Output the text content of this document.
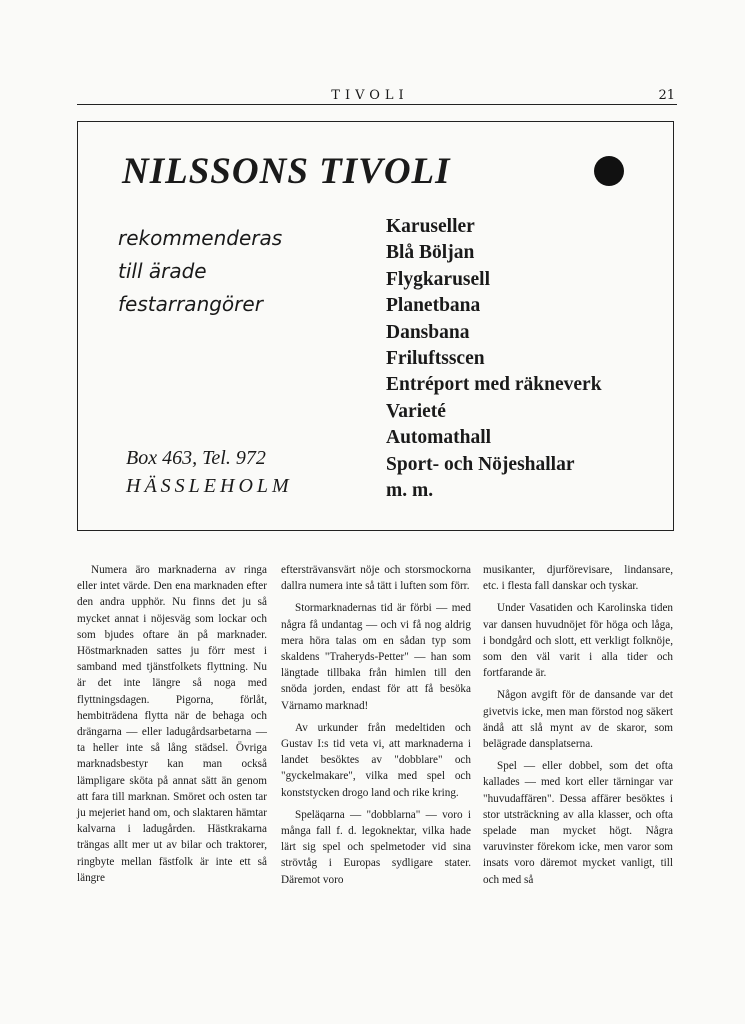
TIVOLI	21
NILSSONS TIVOLI
rekommenderas
till ärade
festarrangörer
Box 463, Tel. 972
HÄSSLEHOLM
Karuseller
Blå Böljan
Flygkarusell
Planetbana
Dansbana
Friluftsscen
Entréport med räkneverk
Varieté
Automathall
Sport- och Nöjeshallar
m. m.

Numera äro marknaderna av ringa eller intet värde. Den ena marknaden efter den andra upphör. Nu finns det ju så mycket annat i nöjesväg som lockar och som bjudes oftare än på marknader. Höstmarknaden sattes ju förr mest i samband med tjänstfolkets flyttning. Nu är det inte längre så noga med flyttningsdagen. Pigorna, förlåt, hembiträdena flytta när de behaga och drängarna — eller ladugårdsarbetarna — ta heller inte så lång städsel. Övriga marknadsbestyr kan man också lämpligare sköta på annat sätt än genom att fara till marknan. Smöret och osten tar ju mejeriet hand om, och slaktaren hämtar kalvarna i ladugården. Hästkrakarna trängas allt mer ut av bilar och traktorer, ringbyte mellan fästfolk är inte ett så längre

eftersträvansvärt nöje och storsmockorna dallra numera inte så tätt i luften som förr.

Stormarknadernas tid är förbi — med några få undantag — och vi få nog aldrig mera höra talas om en sådan typ som skaldens "Traheryds-Petter" — han som längtade tillbaka från himlen till den snöda jorden, endast för att få besöka Värnamo marknad!

Av urkunder från medeltiden och Gustav I:s tid veta vi, att marknaderna i landet besöktes av "dobblare" och "gyckelmakare", vilka med spel och konststycken drogo land och rike kring.

Speläqarna — "dobblarna" — voro i många fall f. d. legoknektar, vilka hade lärt sig spel och spelmetoder vid sina strövtåg i Europas sydligare stater. Däremot voro

musikanter, djurförevisare, lindansare, etc. i flesta fall danskar och tyskar.

Under Vasatiden och Karolinska tiden var dansen huvudnöjet för höga och låga, i bondgård och slott, ett verkligt folknöje, som den väl varit i alla tider och fortfarande är.

Någon avgift för de dansande var det givetvis icke, men man förstod nog säkert ändå att slå mynt av de skaror, som belägrade dansplatserna.

Spel — eller dobbel, som det ofta kallades — med kort eller tärningar var "huvudaffären". Dessa affärer besöktes i stor utsträckning av alla klasser, och ofta spelade man mycket högt. Några varuvinster förekom icke, men varor som insats voro däremot mycket vanligt, till och med så
